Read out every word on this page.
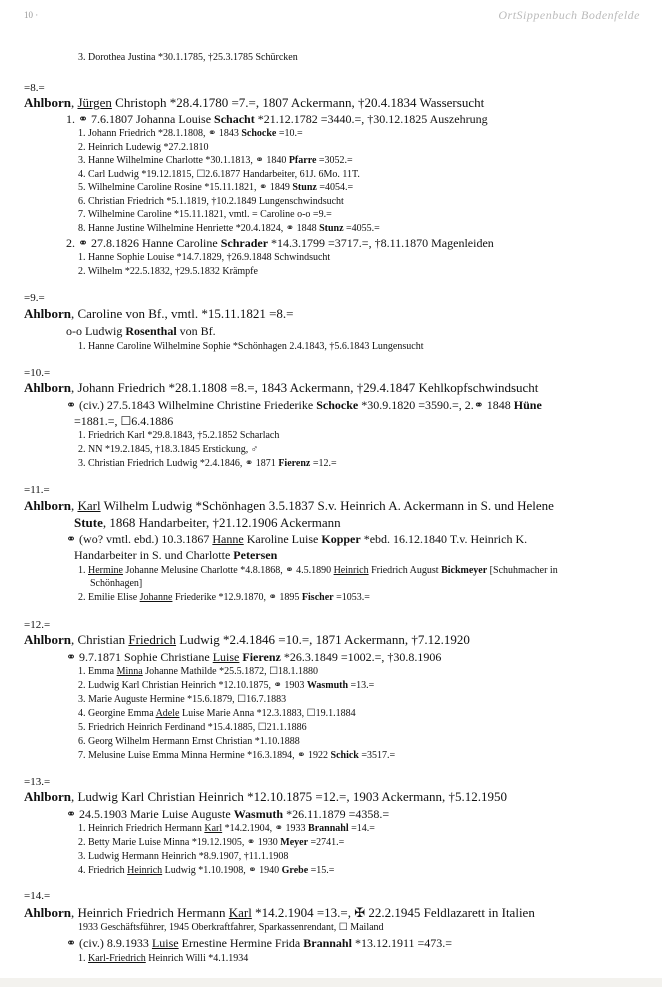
10 ·	OrtSippenbuch Bodenfelde
3. Dorothea Justina *30.1.1785, †25.3.1785 Schürcken
=8.=
Ahlborn, Jürgen Christoph *28.4.1780 =7.=, 1807 Ackermann, †20.4.1834 Wassersucht
1. ⚭ 7.6.1807 Johanna Louise Schacht *21.12.1782 =3440.=, †30.12.1825 Auszehrung
1. Johann Friedrich *28.1.1808, ⚭ 1843 Schocke =10.=
2. Heinrich Ludewig *27.2.1810
3. Hanne Wilhelmine Charlotte *30.1.1813, ⚭ 1840 Pfarre =3052.=
4. Carl Ludwig *19.12.1815, ☐2.6.1877 Handarbeiter, 61J. 6Mo. 11T.
5. Wilhelmine Caroline Rosine *15.11.1821, ⚭ 1849 Stunz =4054.=
6. Christian Friedrich *5.1.1819, †10.2.1849 Lungenschwindsucht
7. Wilhelmine Caroline *15.11.1821, vmtl. = Caroline o-o =9.=
8. Hanne Justine Wilhelmine Henriette *20.4.1824, ⚭ 1848 Stunz =4055.=
2. ⚭ 27.8.1826 Hanne Caroline Schrader *14.3.1799 =3717.=, †8.11.1870 Magenleiden
1. Hanne Sophie Louise *14.7.1829, †26.9.1848 Schwindsucht
2. Wilhelm *22.5.1832, †29.5.1832 Krämpfe
=9.=
Ahlborn, Caroline von Bf., vmtl. *15.11.1821 =8.=
o-o Ludwig Rosenthal von Bf.
1. Hanne Caroline Wilhelmine Sophie *Schönhagen 2.4.1843, †5.6.1843 Lungensucht
=10.=
Ahlborn, Johann Friedrich *28.1.1808 =8.=, 1843 Ackermann, †29.4.1847 Kehlkopfschwindsucht
⚭ (civ.) 27.5.1843 Wilhelmine Christine Friederike Schocke *30.9.1820 =3590.=, 2.⚭ 1848 Hüne
=1881.=, ☐6.4.1886
1. Friedrich Karl *29.8.1843, †5.2.1852 Scharlach
2. NN *19.2.1845, †18.3.1845 Erstickung, ♂
3. Christian Friedrich Ludwig *2.4.1846, ⚭ 1871 Fierenz =12.=
=11.=
Ahlborn, Karl Wilhelm Ludwig *Schönhagen 3.5.1837 S.v. Heinrich A. Ackermann in S. und Helene
Stute, 1868 Handarbeiter, †21.12.1906 Ackermann
⚭ (wo? vmtl. ebd.) 10.3.1867 Hanne Karoline Luise Kopper *ebd. 16.12.1840 T.v. Heinrich K.
Handarbeiter in S. und Charlotte Petersen
1. Hermine Johanne Melusine Charlotte *4.8.1868, ⚭ 4.5.1890 Heinrich Friedrich August Bickmeyer [Schuhmacher in
Schönhagen]
2. Emilie Elise Johanne Friederike *12.9.1870, ⚭ 1895 Fischer =1053.=
=12.=
Ahlborn, Christian Friedrich Ludwig *2.4.1846 =10.=, 1871 Ackermann, †7.12.1920
⚭ 9.7.1871 Sophie Christiane Luise Fierenz *26.3.1849 =1002.=, †30.8.1906
1. Emma Minna Johanne Mathilde *25.5.1872, ☐18.1.1880
2. Ludwig Karl Christian Heinrich *12.10.1875, ⚭ 1903 Wasmuth =13.=
3. Marie Auguste Hermine *15.6.1879, ☐16.7.1883
4. Georgine Emma Adele Luise Marie Anna *12.3.1883, ☐19.1.1884
5. Friedrich Heinrich Ferdinand *15.4.1885, ☐21.1.1886
6. Georg Wilhelm Hermann Ernst Christian *1.10.1888
7. Melusine Luise Emma Minna Hermine *16.3.1894, ⚭ 1922 Schick =3517.=
=13.=
Ahlborn, Ludwig Karl Christian Heinrich *12.10.1875 =12.=, 1903 Ackermann, †5.12.1950
⚭ 24.5.1903 Marie Luise Auguste Wasmuth *26.11.1879 =4358.=
1. Heinrich Friedrich Hermann Karl *14.2.1904, ⚭ 1933 Brannahl =14.=
2. Betty Marie Luise Minna *19.12.1905, ⚭ 1930 Meyer =2741.=
3. Ludwig Hermann Heinrich *8.9.1907, †11.1.1908
4. Friedrich Heinrich Ludwig *1.10.1908, ⚭ 1940 Grebe =15.=
=14.=
Ahlborn, Heinrich Friedrich Hermann Karl *14.2.1904 =13.=, ✠ 22.2.1945 Feldlazarett in Italien
1933 Geschäftsführer, 1945 Oberkraftfahrer, Sparkassenrendant, ☐ Mailand
⚭ (civ.) 8.9.1933 Luise Ernestine Hermine Frida Brannahl *13.12.1911 =473.=
1. Karl-Friedrich Heinrich Willi *4.1.1934
